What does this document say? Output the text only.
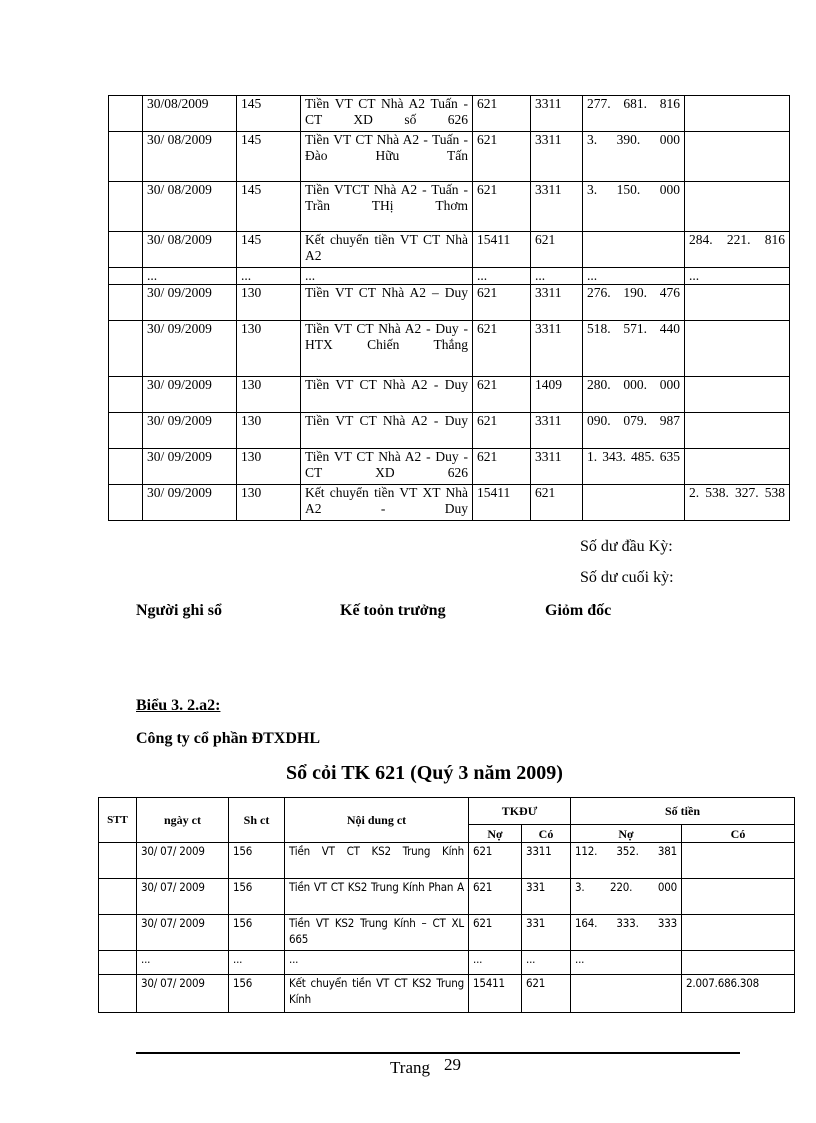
	30/08/2009	145	Tiền VT CT Nhà A2 Tuấn - CT XD số 626	621	3311	277. 681. 816	
	30/ 08/2009	145	Tiền VT CT Nhà A2 - Tuấn - Đào Hữu Tấn	621	3311	3. 390. 000	
	30/ 08/2009	145	Tiền VTCT Nhà A2 - Tuấn - Trần THị Thơm	621	3311	3. 150. 000	
	30/ 08/2009	145	Kết chuyển tiền VT CT Nhà A2	15411	621		284. 221. 816
	...	...	...	...	...	...	...
	30/ 09/2009	130	Tiền VT CT Nhà A2 – Duy	621	3311	276. 190. 476	
	30/ 09/2009	130	Tiền VT CT Nhà A2 - Duy - HTX Chiến Thắng	621	3311	518. 571. 440	
	30/ 09/2009	130	Tiền VT CT Nhà A2 - Duy	621	1409	280. 000. 000	
	30/ 09/2009	130	Tiền VT CT Nhà A2 - Duy	621	3311	090. 079. 987	
	30/ 09/2009	130	Tiền VT CT Nhà A2 - Duy - CT XD 626	621	3311	1. 343. 485. 635	
	30/ 09/2009	130	Kết chuyển tiền VT XT Nhà A2 - Duy	15411	621		2. 538. 327. 538
Số dư đầu Kỳ:
Số dư cuối kỳ:
Người ghi sổ	Kế toỏn trưởng	Giỏm đốc
Biểu 3. 2.a2:
Công ty cổ phần ĐTXDHL
Sổ cỏi TK 621 (Quý 3 năm 2009)
STT	ngày ct	Sh ct	Nội dung ct	TKĐƯ		Số tiền	
				Nợ	Có	Nợ	Có
	30/ 07/ 2009	156	Tiền VT CT KS2 Trung Kính	621	3311	112. 352. 381	
	30/ 07/ 2009	156	Tiền VT CT KS2 Trung Kính Phan A	621	331	3. 220. 000	
	30/ 07/ 2009	156	Tiền VT KS2 Trung Kính – CT XL 665	621	331	164. 333. 333	
	...	...	...	...	...	...	
	30/ 07/ 2009	156	Kết chuyển tiền VT CT KS2 Trung Kính	15411	621		2.007.686.308
Trang 29
